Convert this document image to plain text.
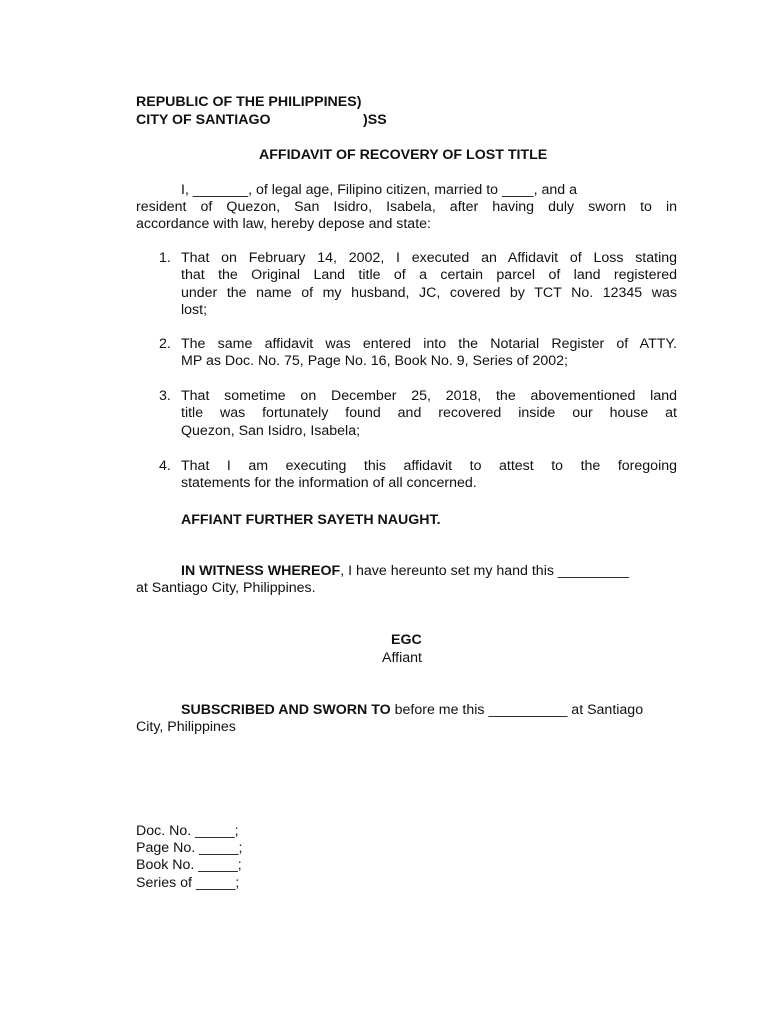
REPUBLIC OF THE PHILIPPINES)
CITY OF SANTIAGO	)SS
AFFIDAVIT OF RECOVERY OF LOST TITLE
I, _______, of legal age, Filipino citizen, married to ____, and a
resident of Quezon, San Isidro, Isabela, after having duly sworn to in
accordance with law, hereby depose and state:
1. That on February 14, 2002, I executed an Affidavit of Loss stating
that the Original Land title of a certain parcel of land registered
under the name of my husband, JC, covered by TCT No. 12345 was
lost;
2. The same affidavit was entered into the Notarial Register of ATTY.
MP as Doc. No. 75, Page No. 16, Book No. 9, Series of 2002;
3. That sometime on December 25, 2018, the abovementioned land
title was fortunately found and recovered inside our house at
Quezon, San Isidro, Isabela;
4. That I am executing this affidavit to attest to the foregoing
statements for the information of all concerned.
AFFIANT FURTHER SAYETH NAUGHT.
IN WITNESS WHEREOF , I have hereunto set my hand this _________
at Santiago City, Philippines.
EGC
Affiant
SUBSCRIBED AND SWORN TO before me this __________ at Santiago
City, Philippines
Doc. No. _____;
Page No. _____;
Book No. _____;
Series of _____;
